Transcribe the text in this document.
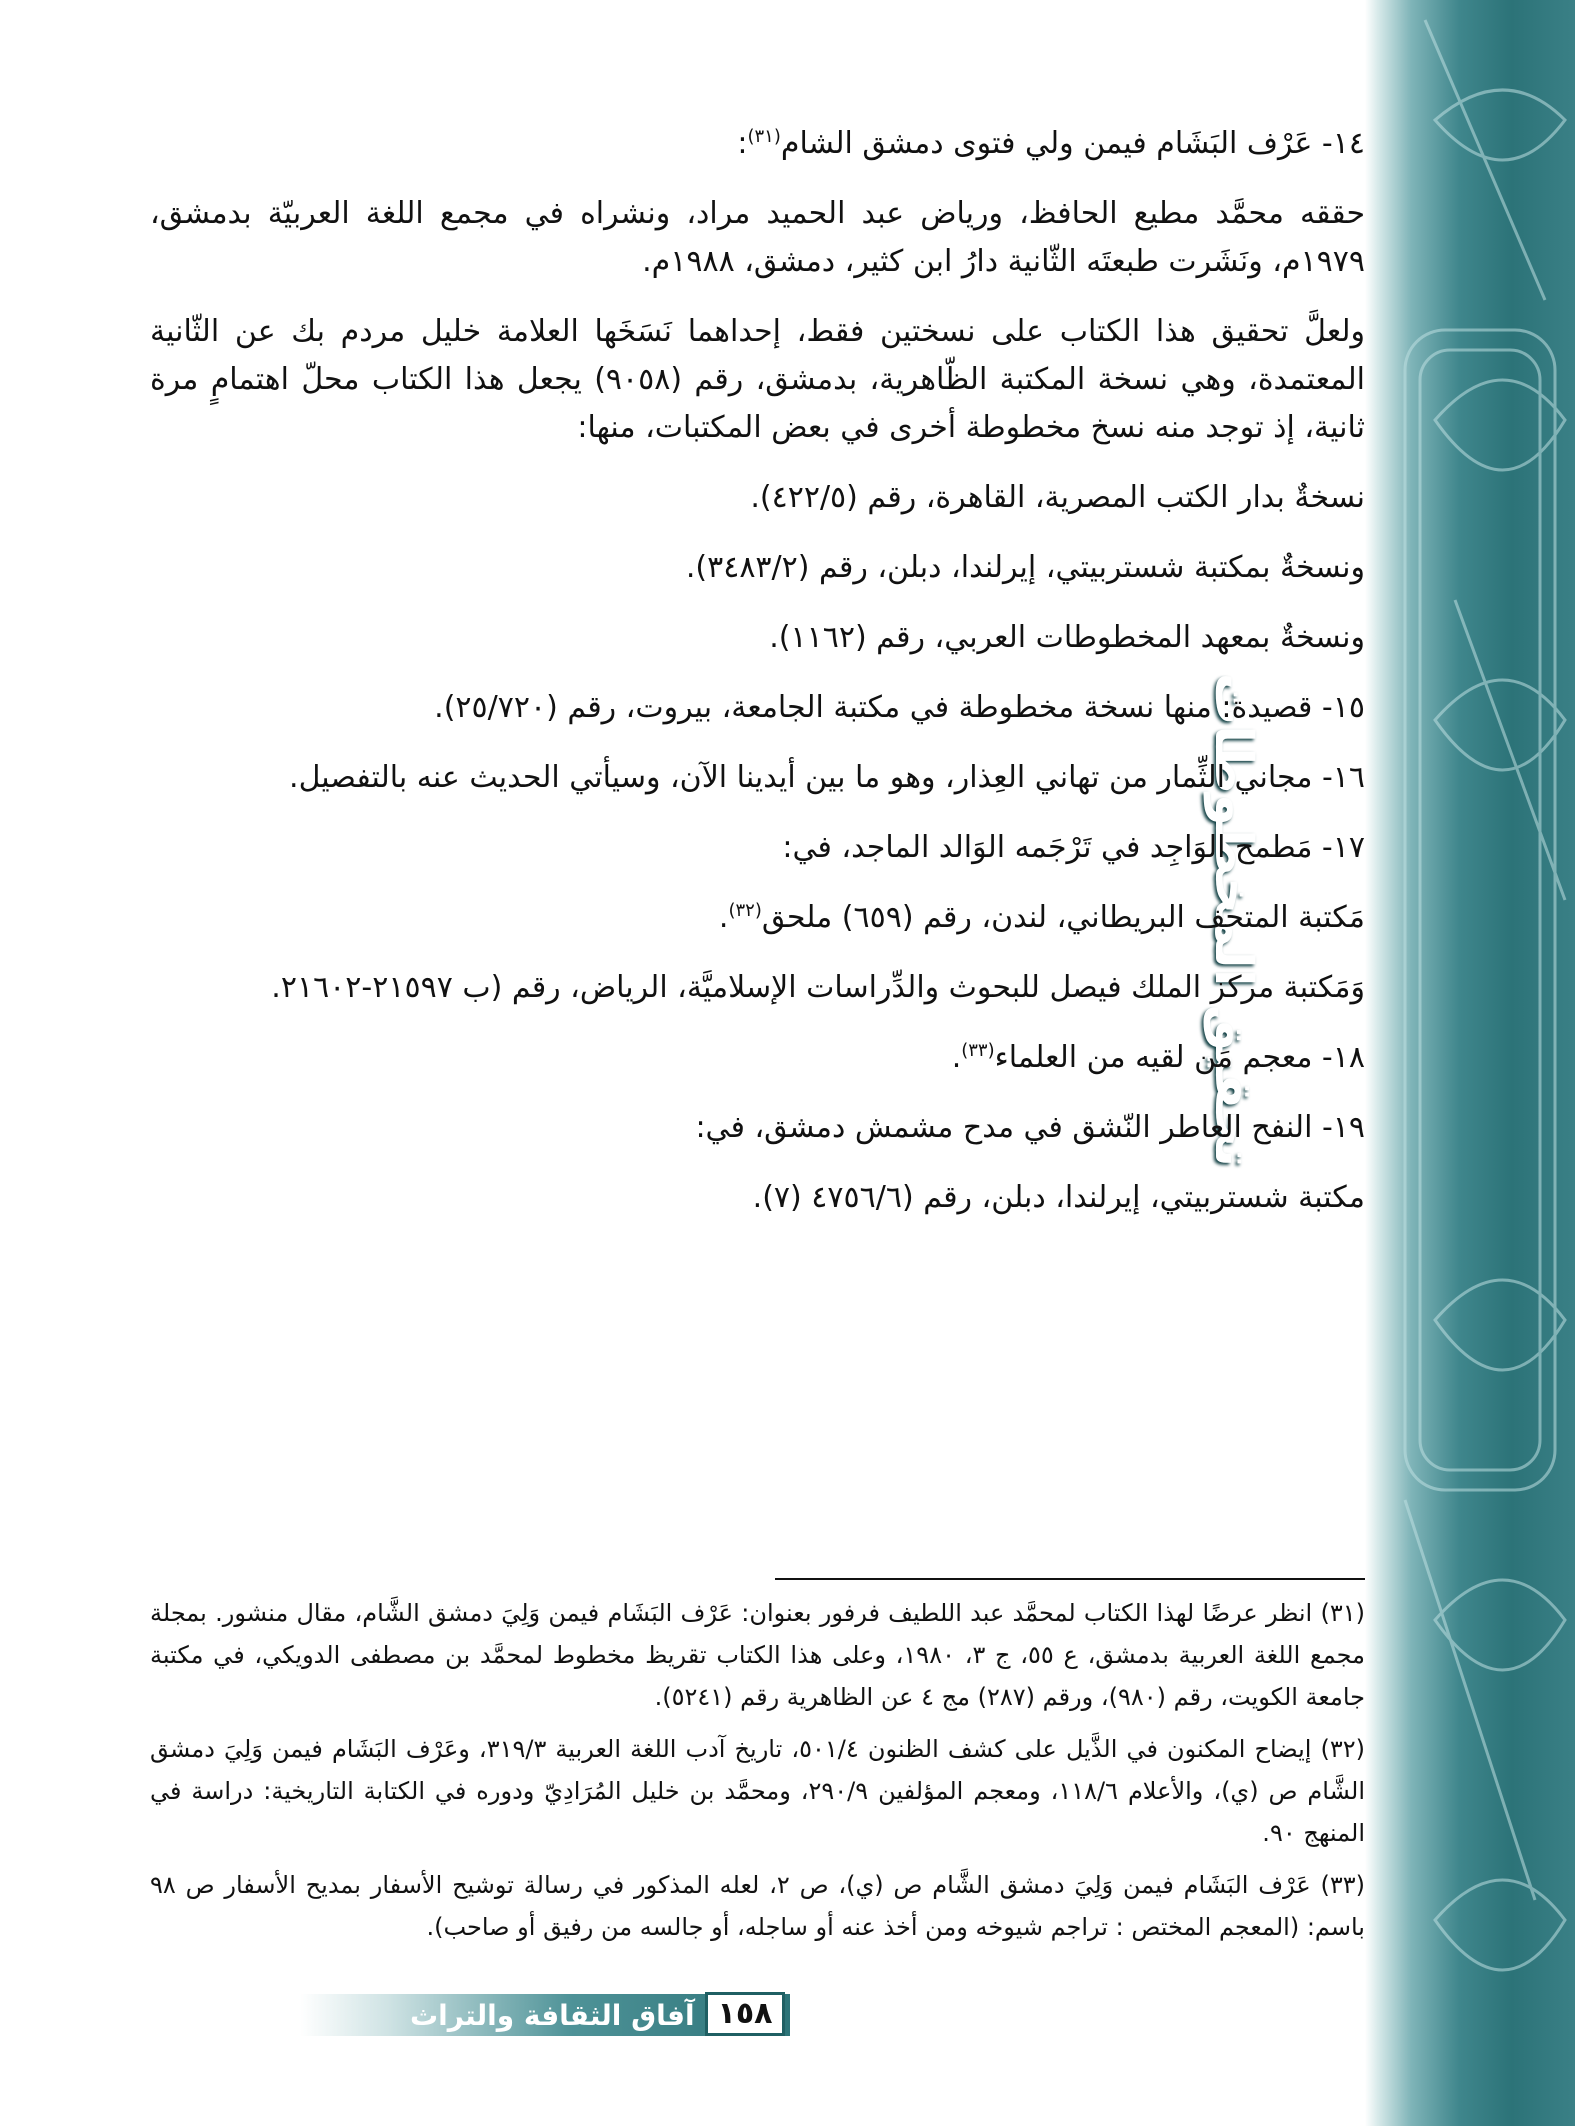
تحقيق المخطوطات
١٤- عَرْف البَشَام فيمن ولي فتوى دمشق الشام$^{(٣١)}$:

حققه محمَّد مطيع الحافظ، ورياض عبد الحميد مراد، ونشراه في مجمع اللغة العربيّة بدمشق، ١٩٧٩م، ونَشَرت طبعتَه الثّانية دارُ ابن كثير، دمشق، ١٩٨٨م.

ولعلَّ تحقيق هذا الكتاب على نسختين فقط، إحداهما نَسَخَها العلامة خليل مردم بك عن الثّانية المعتمدة، وهي نسخة المكتبة الظّاهرية، بدمشق، رقم (٩٠٥٨) يجعل هذا الكتاب محلّ اهتمامٍ مرة ثانية، إذ توجد منه نسخ مخطوطة أخرى في بعض المكتبات، منها:

نسخةٌ بدار الكتب المصرية، القاهرة، رقم (٤٢٢/٥).
ونسخةٌ بمكتبة شستربيتي، إيرلندا، دبلن، رقم (٣٤٨٣/٢).
ونسخةٌ بمعهد المخطوطات العربي، رقم (١١٦٢).
١٥- قصيدة: منها نسخة مخطوطة في مكتبة الجامعة، بيروت، رقم (٢٥/٧٢٠).
١٦- مجاني الثِّمار من تهاني العِذار، وهو ما بين أيدينا الآن، وسيأتي الحديث عنه بالتفصيل.
١٧- مَطمح الوَاجِد في تَرْجَمه الوَالد الماجد، في:
مَكتبة المتحف البريطاني، لندن، رقم (٦٥٩) ملحق$^{(٣٢)}$.
وَمَكتبة مركز الملك فيصل للبحوث والدِّراسات الإسلاميَّة، الرياض، رقم (ب ٢١٥٩٧-٢١٦٠٢.
١٨- معجم مَن لقيه من العلماء$^{(٣٣)}$.
١٩- النفح العاطر النّشق في مدح مشمش دمشق، في:
مكتبة شستربيتي، إيرلندا، دبلن، رقم (٤٧٥٦/٦ (٧).

(٣١) انظر عرضًا لهذا الكتاب لمحمَّد عبد اللطيف فرفور بعنوان: عَرْف البَشَام فيمن وَلِيَ دمشق الشَّام، مقال منشور. بمجلة مجمع اللغة العربية بدمشق، ع ٥٥، ج ٣، ١٩٨٠، وعلى هذا الكتاب تقريظ مخطوط لمحمَّد بن مصطفى الدويكي، في مكتبة جامعة الكويت، رقم (٩٨٠)، ورقم (٢٨٧) مج ٤ عن الظاهرية رقم (٥٢٤١).

(٣٢) إيضاح المكنون في الذَّيل على كشف الظنون ٥٠١/٤، تاريخ آدب اللغة العربية ٣١٩/٣، وعَرْف البَشَام فيمن وَلِيَ دمشق الشَّام ص (ي)، والأعلام ١١٨/٦، ومعجم المؤلفين ٢٩٠/٩، ومحمَّد بن خليل المُرَادِيّ ودوره في الكتابة التاريخية: دراسة في المنهج ٩٠.

(٣٣) عَرْف البَشَام فيمن وَلِيَ دمشق الشَّام ص (ي)، ص ٢، لعله المذكور في رسالة توشيح الأسفار بمديح الأسفار ص ٩٨ باسم: (المعجم المختص : تراجم شيوخه ومن أخذ عنه أو ساجله، أو جالسه من رفيق أو صاحب).

آفاق الثقافة والتراث ١٥٨
